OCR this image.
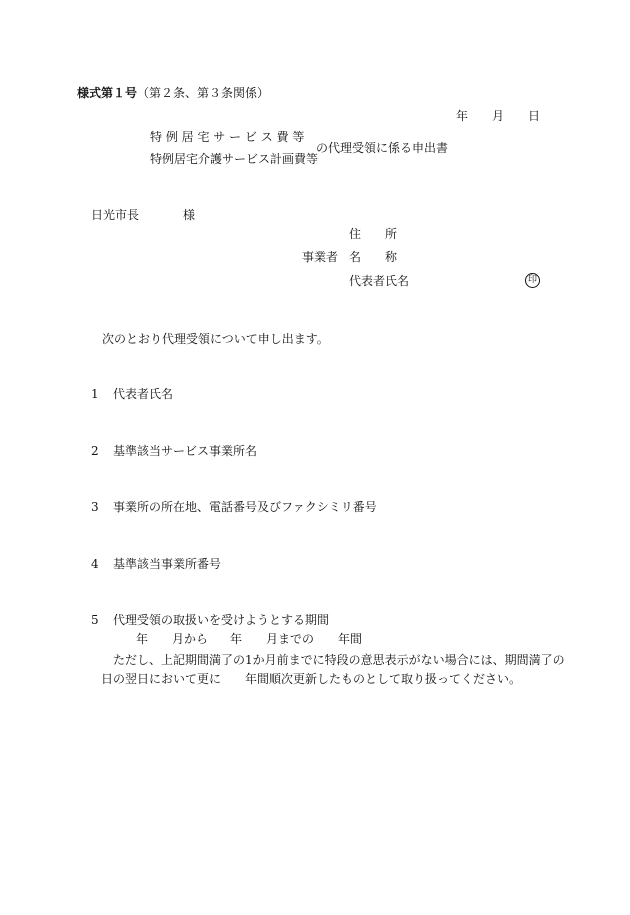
様式第１号（第２条、第３条関係）
年 月 日
特 例 居 宅 サ ー ビ ス 費 等
特例居宅介護サービス計画費等
の代理受領に係る申出書
日光市長	様
住　　所
事業者 名　　称
代表者氏名	印
次のとおり代理受領について申し出ます。
1 代表者氏名
2 基準該当サービス事業所名
3 事業所の所在地、電話番号及びファクシミリ番号
4 基準該当事業所番号
5 代理受領の取扱いを受けようとする期間
年 月から 年 月までの 年間
ただし、上記期間満了の1か月前までに特段の意思表示がない場合には、期間満了の
日の翌日において更に　　年間順次更新したものとして取り扱ってください。
